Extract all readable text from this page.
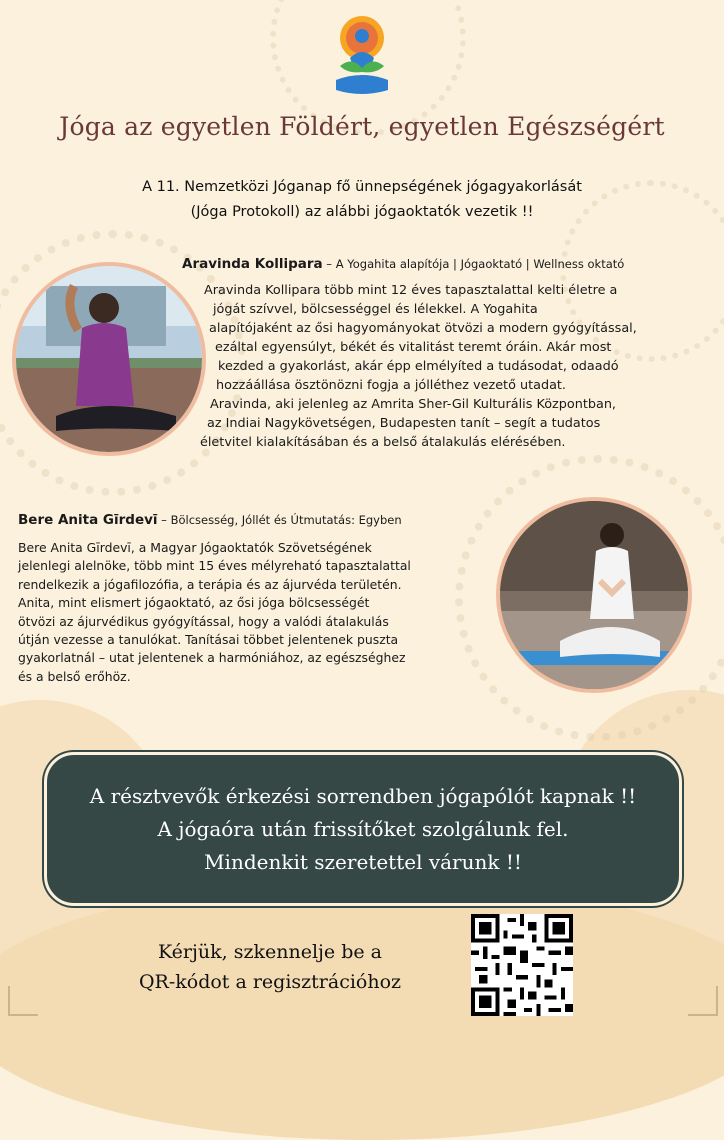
Jóga az egyetlen Földért, egyetlen Egészségért
A 11. Nemzetközi Jóganap fő ünnepségének jógagyakorlását
(Jóga Protokoll) az alábbi jógaoktatók vezetik !!
Aravinda Kollipara – A Yogahita alapítója | Jógaoktató | Wellness oktató
Aravinda Kollipara több mint 12 éves tapasztalattal kelti életre a
jógát szívvel, bölcsességgel és lélekkel. A Yogahita
alapítójaként az ősi hagyományokat ötvözi a modern gyógyítással,
ezáltal egyensúlyt, békét és vitalitást teremt óráin. Akár most
kezded a gyakorlást, akár épp elmélyíted a tudásodat, odaadó
hozzáállása ösztönözni fogja a jólléthez vezető utadat.
Aravinda, aki jelenleg az Amrita Sher-Gil Kulturális Központban,
az Indiai Nagykövetségen, Budapesten tanít – segít a tudatos
életvitel kialakításában és a belső átalakulás elérésében.
Bere Anita Gīrdevī – Bölcsesség, Jóllét és Útmutatás: Egyben
Bere Anita Gīrdevī, a Magyar Jógaoktatók Szövetségének
jelenlegi alelnöke, több mint 15 éves mélyreható tapasztalattal
rendelkezik a jógafilozófia, a terápia és az ájurvéda területén.
Anita, mint elismert jógaoktató, az ősi jóga bölcsességét
ötvözi az ájurvédikus gyógyítással, hogy a valódi átalakulás
útján vezesse a tanulókat. Tanításai többet jelentenek puszta
gyakorlatnál – utat jelentenek a harmóniához, az egészséghez
és a belső erőhöz.
A résztvevők érkezési sorrendben jógapólót kapnak !!
A jógaóra után frissítőket szolgálunk fel.
Mindenkit szeretettel várunk !!
Kérjük, szkennelje be a
QR-kódot a regisztrációhoz
